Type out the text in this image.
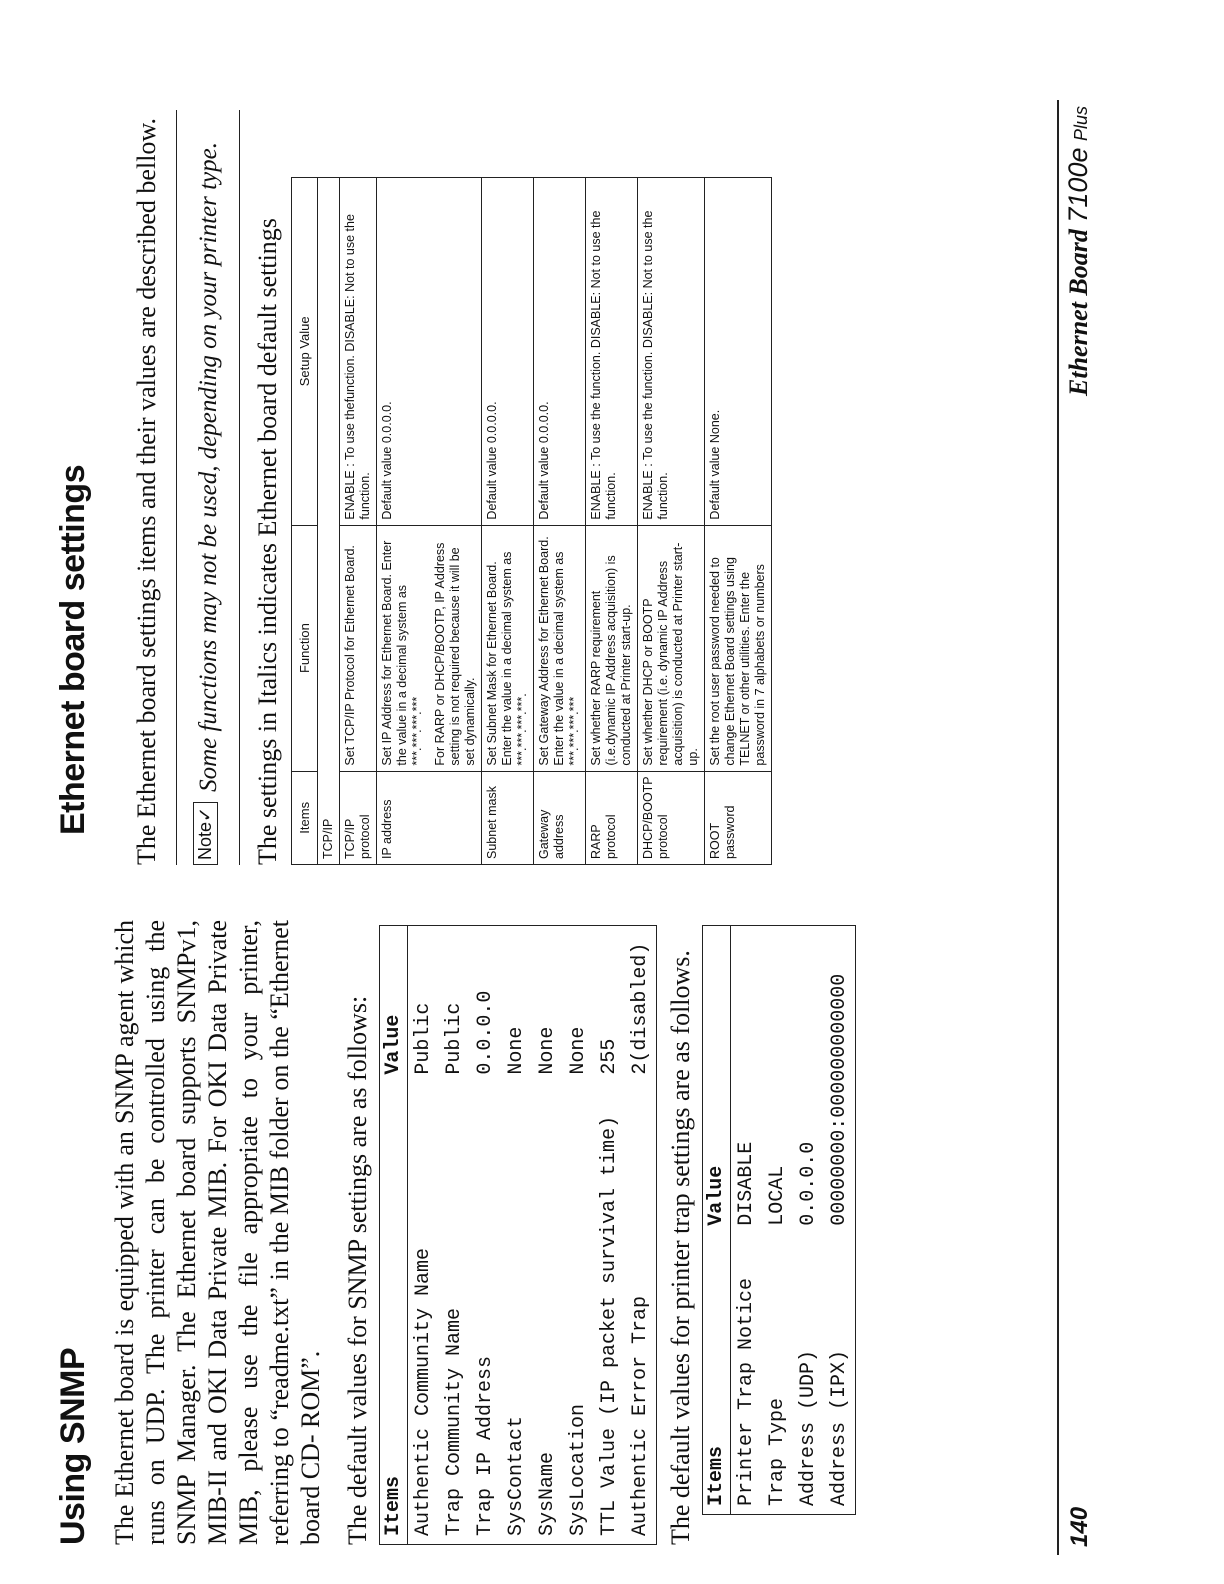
Using SNMP The Ethernet board is equipped with an SNMP agent which runs on UDP. The printer can be controlled using the SNMP Manager. The Ethernet board supports SNMPv1, MIB-II and OKI Data Private MIB. For OKI Data Private MIB, please use the file appropriate to your printer, referring to “readme.txt” in the MIB folder on the “Ethernet board CD- ROM”. The default values for SNMP settings are as follows: Items	Value
Authentic Community Name	Public
Trap Community Name	Public
Trap IP Address	0.0.0.0
SysContact	None
SysName	None
SysLocation	None
TTL Value (IP packet survival time)	255
Authentic Error Trap	2(disabled) The default values for printer trap settings are as follows. Items	Value
Printer Trap Notice	DISABLE
Trap Type	LOCAL
Address (UDP)	0.0.0.0
Address (IPX)	00000000:000000000000
Ethernet board settings	The Ethernet board settings items and their values are described bellow. Note
✓
Some functions may not be used, depending on your printer type. The settings in Italics indicates Ethernet board default settings Items	Function	Setup Value
TCP/IP		
TCP/IP protocol	Set TCP/IP Protocol for Ethernet Board.	ENABLE : To use thefunction. DISABLE: Not to use the function.
IP address	Set IP Address for Ethernet Board. Enter the value in a decimal system as ***.***.***.*** For RARP or DHCP/BOOTP, IP Address setting is not required because it will be set dynamically.	Default value 0.0.0.0.
Subnet mask	Set Subnet Mask for Ethernet Board. Enter the value in a decimal system as ***.***.***.***.	Default value 0.0.0.0.
Gateway address	Set Gateway Address for Ethernet Board. Enter the value in a decimal system as ***.***.***.***	Default value 0.0.0.0.
RARP protocol	Set whether RARP requirement (i.e.dynamic IP Address acquisition) is conducted at Printer start-up.	ENABLE : To use the function. DISABLE: Not to use the function.
DHCP/BOOTP protocol	Set whether DHCP or BOOTP requirement (i.e. dynamic IP Address acquisition) is conducted at Printer start-up.	ENABLE : To use the function. DISABLE: Not to use the function.
ROOT password	Set the root user password needed to change Ethernet Board settings using TELNET or other utilities. Enter the password in 7 alphabets or numbers	Default value None.
140
Ethernet Board 7100e Plus
